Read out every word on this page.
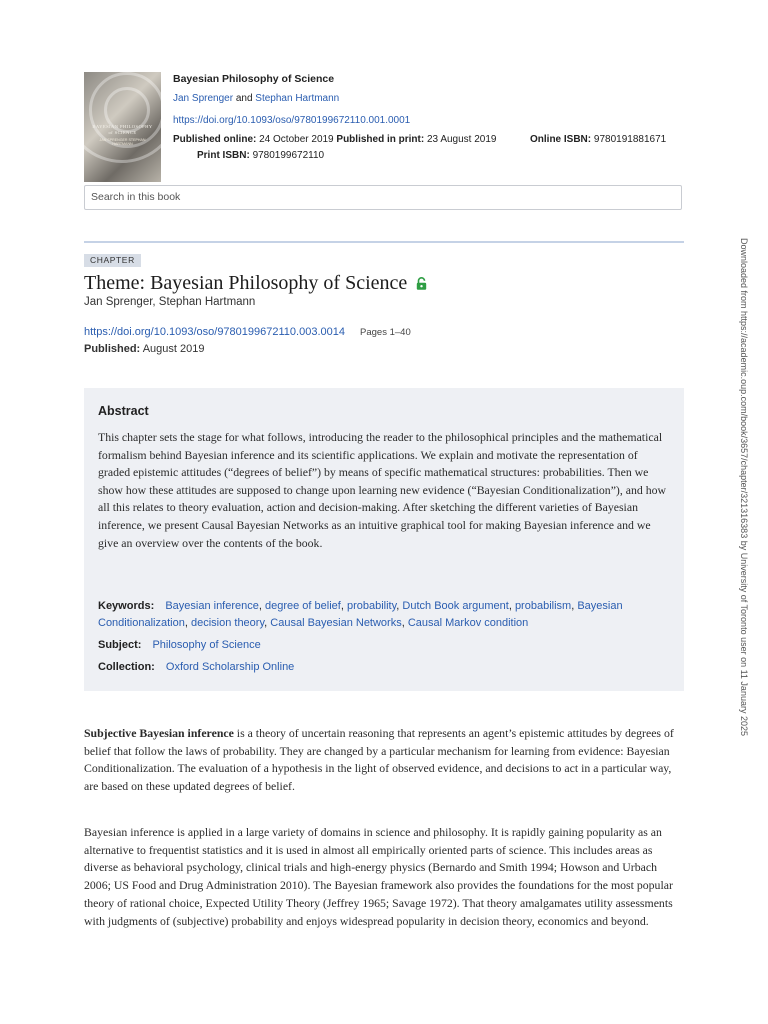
BAYESIAN PHILOSOPHY of SCIENCE
JAN SPRENGER STEPHAN HARTMANN
Bayesian Philosophy of Science
Jan Sprenger and Stephan Hartmann
https://doi.org/10.1093/oso/9780199672110.001.0001
Published online: 24 October 2019 Published in print: 23 August 2019	Online ISBN: 9780191881671
Print ISBN: 9780199672110
Search in this book
CHAPTER
Theme: Bayesian Philosophy of Science
Jan Sprenger, Stephan Hartmann
https://doi.org/10.1093/oso/9780199672110.003.0014 Pages 1–40
Published: August 2019
Abstract
This chapter sets the stage for what follows, introducing the reader to the philosophical principles and the mathematical formalism behind Bayesian inference and its scientific applications. We explain and motivate the representation of graded epistemic attitudes (“degrees of belief”) by means of specific mathematical structures: probabilities. Then we show how these attitudes are supposed to change upon learning new evidence (“Bayesian Conditionalization”), and how all this relates to theory evaluation, action and decision-making. After sketching the different varieties of Bayesian inference, we present Causal Bayesian Networks as an intuitive graphical tool for making Bayesian inference and we give an overview over the contents of the book.
Keywords: Bayesian inference, degree of belief, probability, Dutch Book argument, probabilism, Bayesian Conditionalization, decision theory, Causal Bayesian Networks, Causal Markov condition
Subject: Philosophy of Science
Collection: Oxford Scholarship Online
Subjective Bayesian inference is a theory of uncertain reasoning that represents an agent’s epistemic attitudes by degrees of belief that follow the laws of probability. They are changed by a particular mechanism for learning from evidence: Bayesian Conditionalization. The evaluation of a hypothesis in the light of observed evidence, and decisions to act in a particular way, are based on these updated degrees of belief.
Bayesian inference is applied in a large variety of domains in science and philosophy. It is rapidly gaining popularity as an alternative to frequentist statistics and it is used in almost all empirically oriented parts of science. This includes areas as diverse as behavioral psychology, clinical trials and high-energy physics (Bernardo and Smith 1994; Howson and Urbach 2006; US Food and Drug Administration 2010). The Bayesian framework also provides the foundations for the most popular theory of rational choice, Expected Utility Theory (Jeffrey 1965; Savage 1972). That theory amalgamates utility assessments with judgments of (subjective) probability and enjoys widespread popularity in decision theory, economics and beyond.
Downloaded from https://academic.oup.com/book/3657/chapter/321316383 by University of Toronto user on 11 January 2025
